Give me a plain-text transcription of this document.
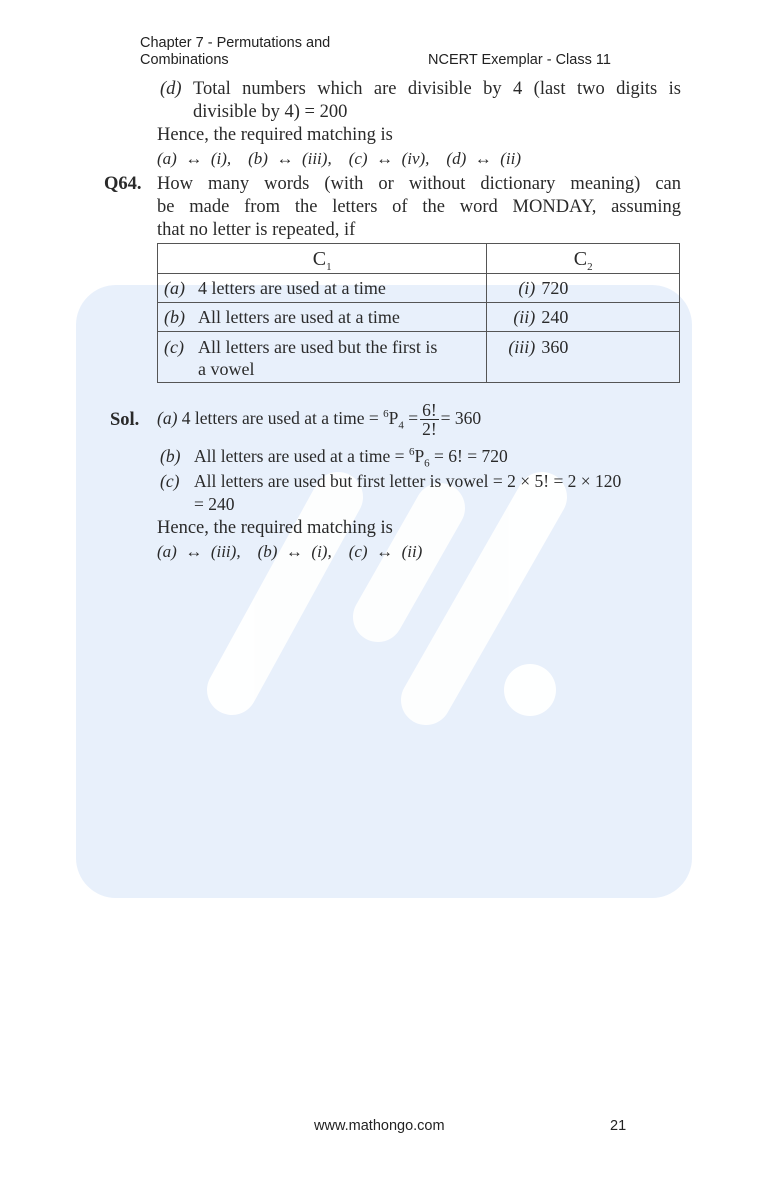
Chapter 7 - Permutations and
Combinations	NCERT Exemplar - Class 11
(d) Total numbers which are divisible by 4 (last two digits is
divisible by 4) = 200
Hence, the required matching is
(a) ↔ (i), (b) ↔ (iii), (c) ↔ (iv), (d) ↔ (ii)
Q64. How many words (with or without dictionary meaning) can
be made from the letters of the word MONDAY, assuming
that no letter is repeated, if
$C_1$	$C_2$
(a) 4 letters are used at a time	(i) 720
(b) All letters are used at a time	(ii) 240
(c) All letters are used but the first is
a vowel	(iii) 360
Sol. (a) 4 letters are used at a time = $^6P_4 = \frac{6!}{2!} = 360$
(b) All letters are used at a time = $^6P_6 = 6$! = 720
(c) All letters are used but first letter is vowel = 2 × 5! = 2 × 120
= 240
Hence, the required matching is
(a) ↔ (iii), (b) ↔ (i), (c) ↔ (ii)
www.mathongo.com	21
